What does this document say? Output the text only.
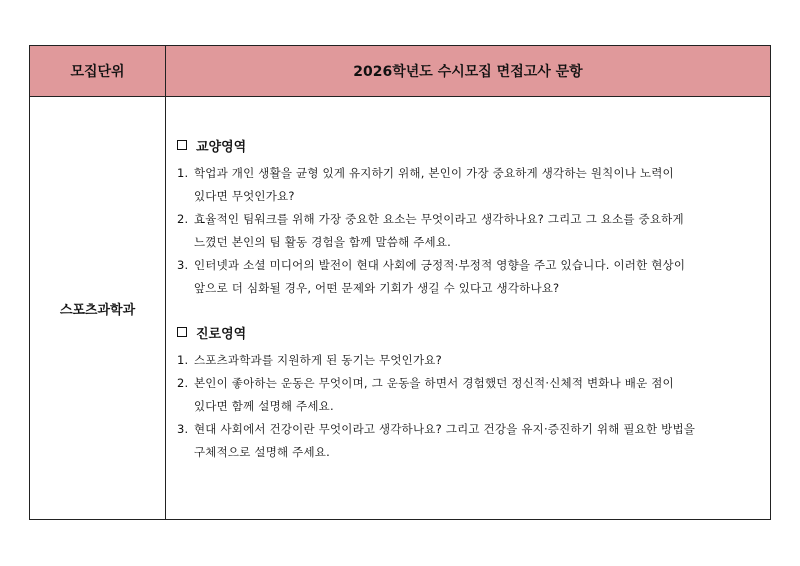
모집단위	2026학년도 수시모집 면접고사 문항
스포츠과학과
교양영역
1. 학업과 개인 생활을 균형 있게 유지하기 위해, 본인이 가장 중요하게 생각하는 원칙이나 노력이
있다면 무엇인가요?
2. 효율적인 팀워크를 위해 가장 중요한 요소는 무엇이라고 생각하나요? 그리고 그 요소를 중요하게
느꼈던 본인의 팀 활동 경험을 함께 말씀해 주세요.
3. 인터넷과 소셜 미디어의 발전이 현대 사회에 긍정적·부정적 영향을 주고 있습니다. 이러한 현상이
앞으로 더 심화될 경우, 어떤 문제와 기회가 생길 수 있다고 생각하나요?
진로영역
1. 스포츠과학과를 지원하게 된 동기는 무엇인가요?
2. 본인이 좋아하는 운동은 무엇이며, 그 운동을 하면서 경험했던 정신적·신체적 변화나 배운 점이
있다면 함께 설명해 주세요.
3. 현대 사회에서 건강이란 무엇이라고 생각하나요? 그리고 건강을 유지·증진하기 위해 필요한 방법을
구체적으로 설명해 주세요.
